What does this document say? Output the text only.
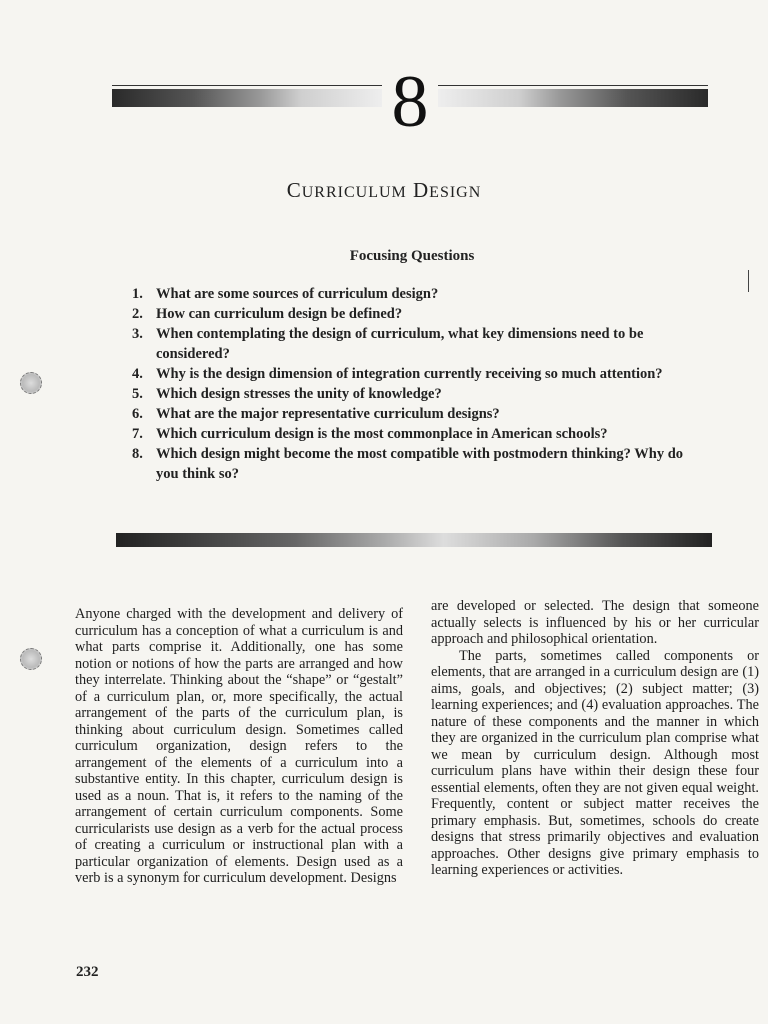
8
CURRICULUM DESIGN
Focusing Questions
1. What are some sources of curriculum design?
2. How can curriculum design be defined?
3. When contemplating the design of curriculum, what key dimensions need to be considered?
4. Why is the design dimension of integration currently receiving so much attention?
5. Which design stresses the unity of knowledge?
6. What are the major representative curriculum designs?
7. Which curriculum design is the most commonplace in American schools?
8. Which design might become the most compatible with postmodern thinking? Why do you think so?

Anyone charged with the development and delivery of curriculum has a conception of what a curriculum is and what parts comprise it. Additionally, one has some notion or notions of how the parts are arranged and how they interrelate. Thinking about the “shape” or “gestalt” of a curriculum plan, or, more specifically, the actual arrangement of the parts of the curriculum plan, is thinking about curriculum design. Sometimes called curriculum organization, design refers to the arrangement of the elements of a curriculum into a substantive entity. In this chapter, curriculum design is used as a noun. That is, it refers to the naming of the arrangement of certain curriculum components. Some curricularists use design as a verb for the actual process of creating a curriculum or instructional plan with a particular organization of elements. Design used as a verb is a synonym for curriculum development. Designs

are developed or selected. The design that someone actually selects is influenced by his or her curricular approach and philosophical orientation.

The parts, sometimes called components or elements, that are arranged in a curriculum design are (1) aims, goals, and objectives; (2) subject matter; (3) learning experiences; and (4) evaluation approaches. The nature of these components and the manner in which they are organized in the curriculum plan comprise what we mean by curriculum design. Although most curriculum plans have within their design these four essential elements, often they are not given equal weight. Frequently, content or subject matter receives the primary emphasis. But, sometimes, schools do create designs that stress primarily objectives and evaluation approaches. Other designs give primary emphasis to learning experiences or activities.

232
